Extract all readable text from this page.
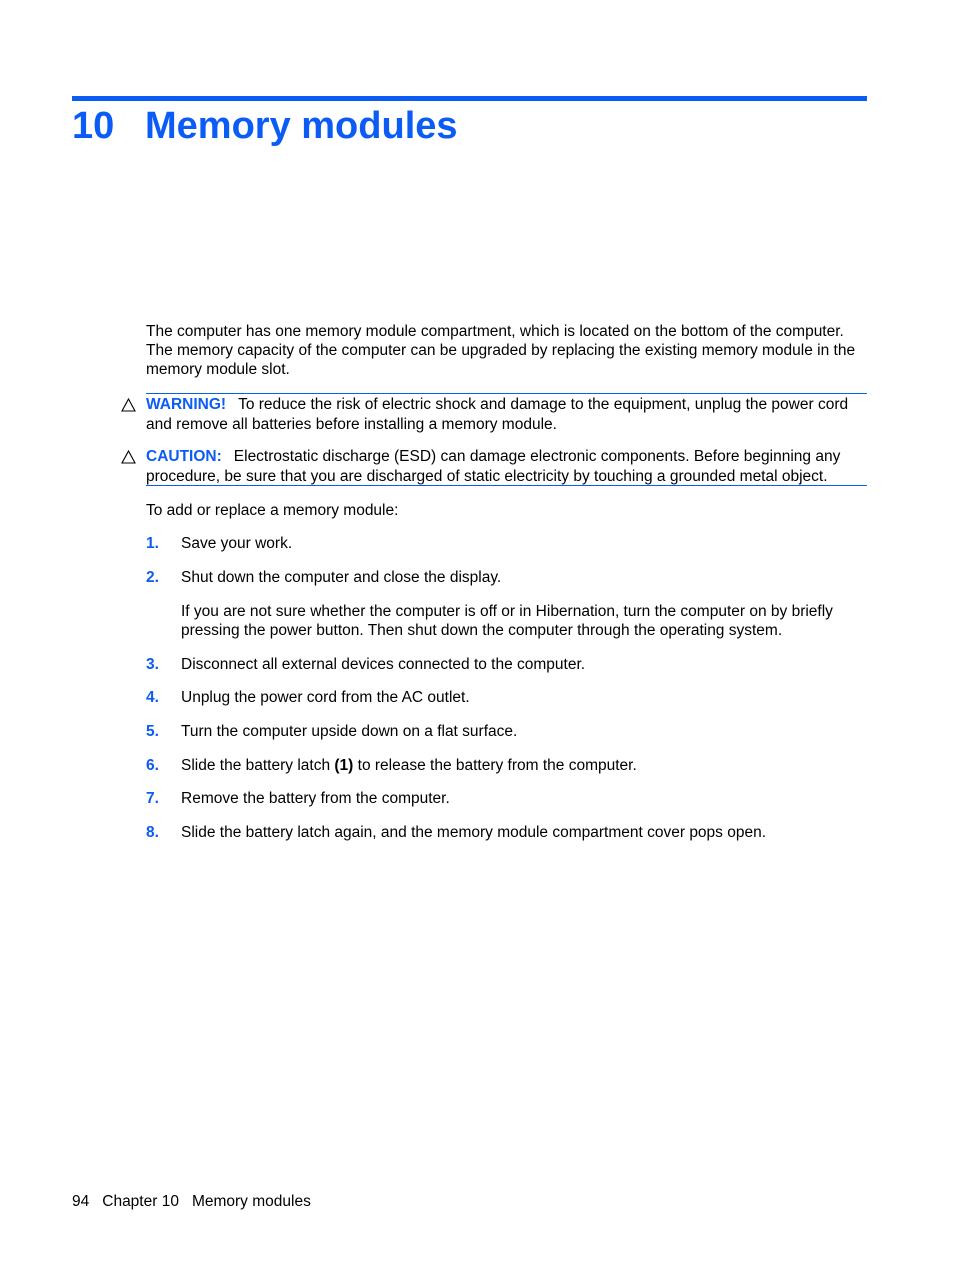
10 Memory modules

The computer has one memory module compartment, which is located on the bottom of the computer. The memory capacity of the computer can be upgraded by replacing the existing memory module in the memory module slot.

WARNING! To reduce the risk of electric shock and damage to the equipment, unplug the power cord and remove all batteries before installing a memory module.
CAUTION: Electrostatic discharge (ESD) can damage electronic components. Before beginning any procedure, be sure that you are discharged of static electricity by touching a grounded metal object.

To add or replace a memory module:

1. Save your work.
2. Shut down the computer and close the display.
If you are not sure whether the computer is off or in Hibernation, turn the computer on by briefly pressing the power button. Then shut down the computer through the operating system.
3. Disconnect all external devices connected to the computer.
4. Unplug the power cord from the AC outlet.
5. Turn the computer upside down on a flat surface.
6. Slide the battery latch (1) to release the battery from the computer.
7. Remove the battery from the computer.
8. Slide the battery latch again, and the memory module compartment cover pops open.
94 Chapter 10 Memory modules
